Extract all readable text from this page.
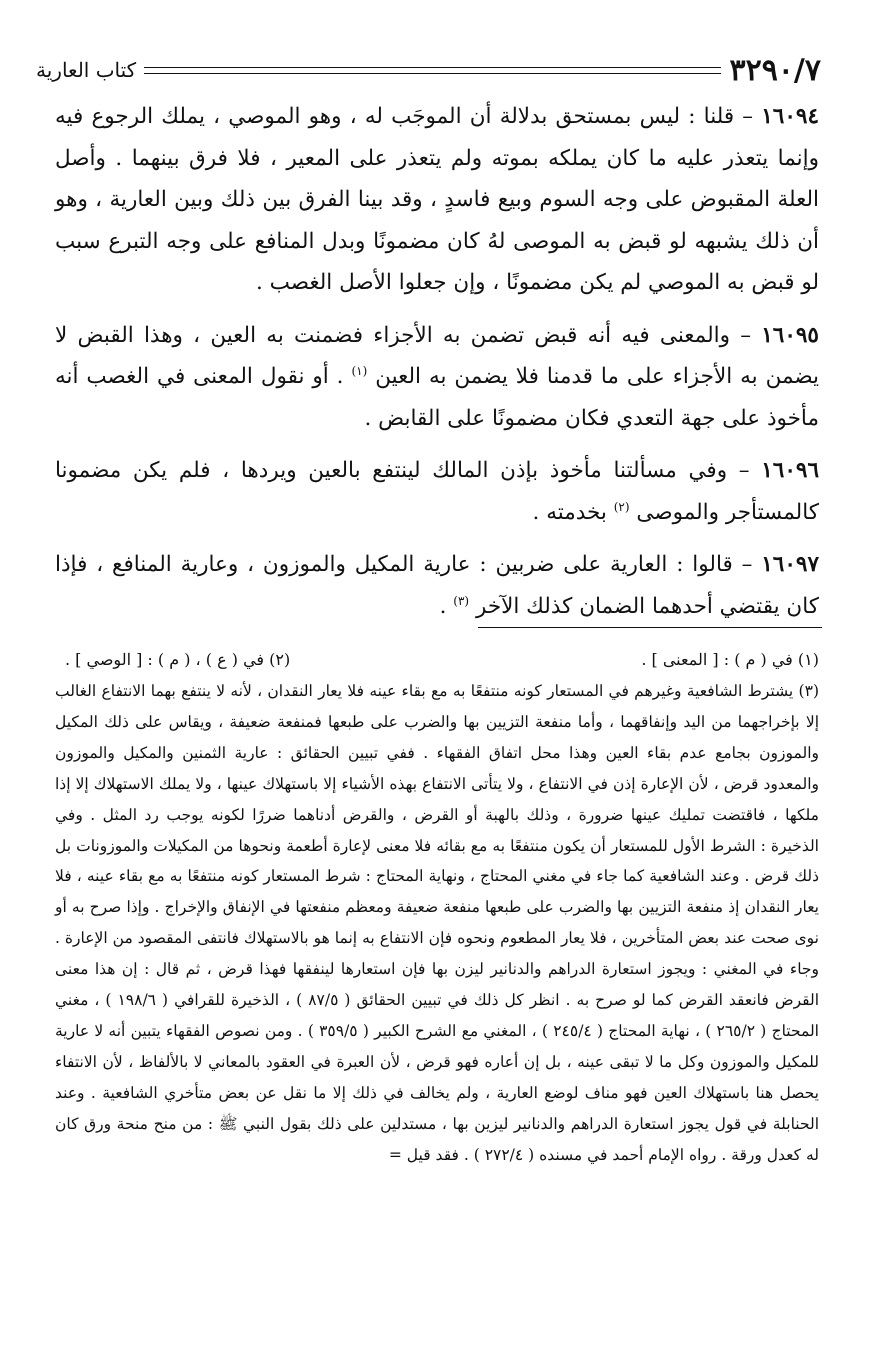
٣٢٩٠/٧
كتاب العارية

١٦٠٩٤ – قلنا : ليس بمستحق بدلالة أن الموجَب له ، وهو الموصي ، يملك الرجوع فيه وإنما يتعذر عليه ما كان يملكه بموته ولم يتعذر على المعير ، فلا فرق بينهما . وأصل العلة المقبوض على وجه السوم وبيع فاسدٍ ، وقد بينا الفرق بين ذلك وبين العارية ، وهو أن ذلك يشبهه لو قبض به الموصى لهُ كان مضمونًا وبدل المنافع على وجه التبرع سبب لو قبض به الموصي لم يكن مضمونًا ، وإن جعلوا الأصل الغصب .

١٦٠٩٥ – والمعنى فيه أنه قبض تضمن به الأجزاء فضمنت به العين ، وهذا القبض لا يضمن به الأجزاء على ما قدمنا فلا يضمن به العين $^{(١)}$ . أو نقول المعنى في الغصب أنه مأخوذ على جهة التعدي فكان مضمونًا على القابض .

١٦٠٩٦ – وفي مسألتنا مأخوذ بإذن المالك لينتفع بالعين ويردها ، فلم يكن مضمونا كالمستأجر والموصى $^{(٢)}$ بخدمته .

١٦٠٩٧ – قالوا : العارية على ضربين : عارية المكيل والموزون ، وعارية المنافع ، فإذا كان يقتضي أحدهما الضمان كذلك الآخر $^{(٣)}$ .

(١) في ( م ) : [ المعنى ] .
(٢) في ( ع ) ، ( م ) : [ الوصي ] .

(٣) يشترط الشافعية وغيرهم في المستعار كونه منتفعًا به مع بقاء عينه فلا يعار النقدان ، لأنه لا ينتفع بهما الانتفاع الغالب إلا بإخراجهما من اليد وإنفاقهما ، وأما منفعة التزيين بها والضرب على طبعها فمنفعة ضعيفة ، ويقاس على ذلك المكيل والموزون بجامع عدم بقاء العين وهذا محل اتفاق الفقهاء . ففي تبيين الحقائق : عارية الثمنين والمكيل والموزون والمعدود قرض ، لأن الإعارة إذن في الانتفاع ، ولا يتأتى الانتفاع بهذه الأشياء إلا باستهلاك عينها ، ولا يملك الاستهلاك إلا إذا ملكها ، فاقتضت تمليك عينها ضرورة ، وذلك بالهبة أو القرض ، والقرض أدناهما ضررًا لكونه يوجب رد المثل . وفي الذخيرة : الشرط الأول للمستعار أن يكون منتفعًا به مع بقائه فلا معنى لإعارة أطعمة ونحوها من المكيلات والموزونات بل ذلك قرض . وعند الشافعية كما جاء في مغني المحتاج ، ونهاية المحتاج : شرط المستعار كونه منتفعًا به مع بقاء عينه ، فلا يعار النقدان إذ منفعة التزيين بها والضرب على طبعها منفعة ضعيفة ومعظم منفعتها في الإنفاق والإخراج . وإذا صرح به أو نوى صحت عند بعض المتأخرين ، فلا يعار المطعوم ونحوه فإن الانتفاع به إنما هو بالاستهلاك فانتفى المقصود من الإعارة . وجاء في المغني : ويجوز استعارة الدراهم والدنانير ليزن بها فإن استعارها لينفقها فهذا قرض ، ثم قال : إن هذا معنى القرض فانعقد القرض كما لو صرح به . انظر كل ذلك في تبيين الحقائق ( ٨٧/٥ ) ، الذخيرة للقرافي ( ١٩٨/٦ ) ، مغني المحتاج ( ٢٦٥/٢ ) ، نهاية المحتاج ( ٢٤٥/٤ ) ، المغني مع الشرح الكبير ( ٣٥٩/٥ ) . ومن نصوص الفقهاء يتبين أنه لا عارية للمكيل والموزون وكل ما لا تبقى عينه ، بل إن أعاره فهو قرض ، لأن العبرة في العقود بالمعاني لا بالألفاظ ، لأن الانتفاء يحصل هنا باستهلاك العين فهو مناف لوضع العارية ، ولم يخالف في ذلك إلا ما نقل عن بعض متأخري الشافعية . وعند الحنابلة في قول يجوز استعارة الدراهم والدنانير ليزين بها ، مستدلين على ذلك بقول النبي ﷺ : من منح منحة ورق كان له كعدل ورقة . رواه الإمام أحمد في مسنده ( ٢٧٢/٤ ) . فقد قيل =
